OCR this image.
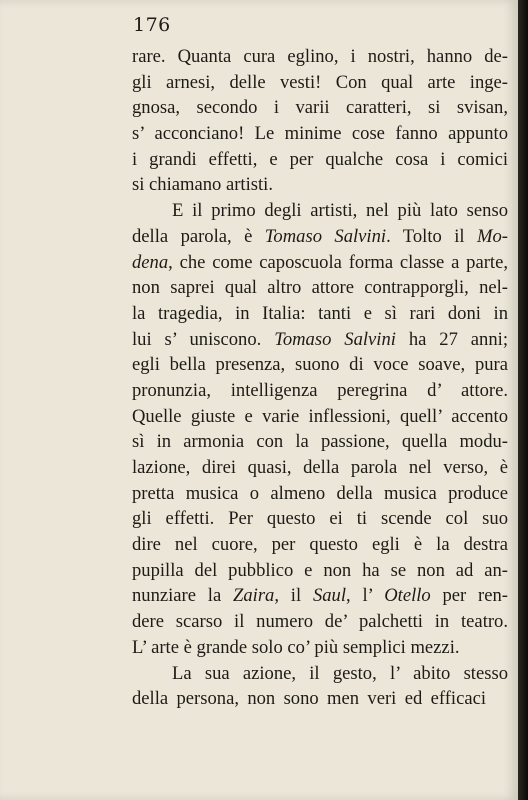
176
rare. Quanta cura eglino, i nostri, hanno de-
gli arnesi, delle vesti! Con qual arte inge-
gnosa, secondo i varii caratteri, si svisan,
s’ acconciano! Le minime cose fanno appunto
i grandi effetti, e per qualche cosa i comici
si chiamano artisti.
E il primo degli artisti, nel più lato senso
della parola, è Tomaso Salvini. Tolto il Mo-
dena, che come caposcuola forma classe a parte,
non saprei qual altro attore contrapporgli, nel-
la tragedia, in Italia: tanti e sì rari doni in
lui s’ uniscono. Tomaso Salvini ha 27 anni;
egli bella presenza, suono di voce soave, pura
pronunzia, intelligenza peregrina d’ attore.
Quelle giuste e varie inflessioni, quell’ accento
sì in armonia con la passione, quella modu-
lazione, direi quasi, della parola nel verso, è
pretta musica o almeno della musica produce
gli effetti. Per questo ei ti scende col suo
dire nel cuore, per questo egli è la destra
pupilla del pubblico e non ha se non ad an-
nunziare la Zaira, il Saul, l’ Otello per ren-
dere scarso il numero de’ palchetti in teatro.
L’ arte è grande solo co’ più semplici mezzi.
La sua azione, il gesto, l’ abito stesso
della persona, non sono men veri ed efficaci
